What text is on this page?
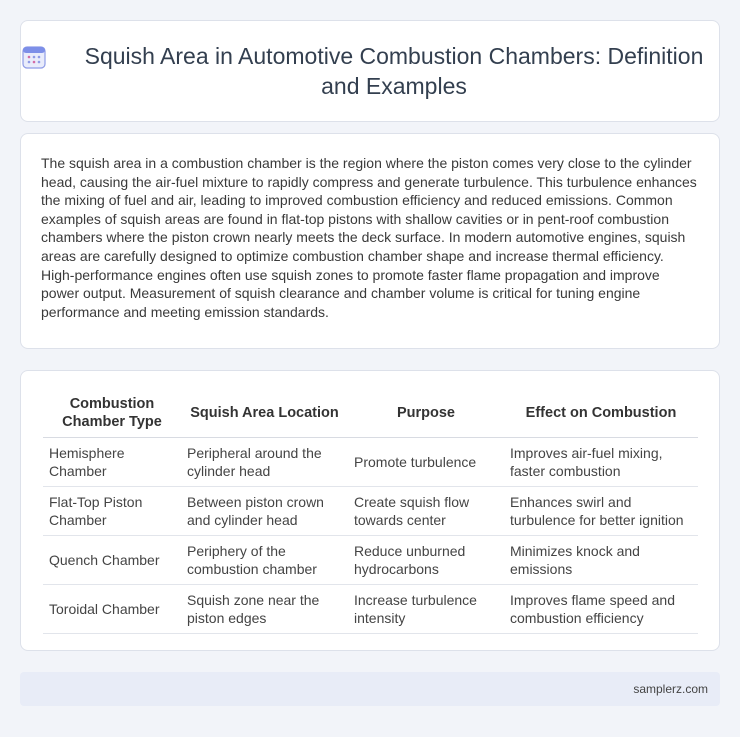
Squish Area in Automotive Combustion Chambers: Definition and Examples

The squish area in a combustion chamber is the region where the piston comes very close to the cylinder head, causing the air-fuel mixture to rapidly compress and generate turbulence. This turbulence enhances the mixing of fuel and air, leading to improved combustion efficiency and reduced emissions. Common examples of squish areas are found in flat-top pistons with shallow cavities or in pent-roof combustion chambers where the piston crown nearly meets the deck surface. In modern automotive engines, squish areas are carefully designed to optimize combustion chamber shape and increase thermal efficiency. High-performance engines often use squish zones to promote faster flame propagation and improve power output. Measurement of squish clearance and chamber volume is critical for tuning engine performance and meeting emission standards.

Combustion Chamber Type	Squish Area Location	Purpose	Effect on Combustion
Hemisphere Chamber	Peripheral around the cylinder head	Promote turbulence	Improves air-fuel mixing, faster combustion
Flat-Top Piston Chamber	Between piston crown and cylinder head	Create squish flow towards center	Enhances swirl and turbulence for better ignition
Quench Chamber	Periphery of the combustion chamber	Reduce unburned hydrocarbons	Minimizes knock and emissions
Toroidal Chamber	Squish zone near the piston edges	Increase turbulence intensity	Improves flame speed and combustion efficiency
samplerz.com
